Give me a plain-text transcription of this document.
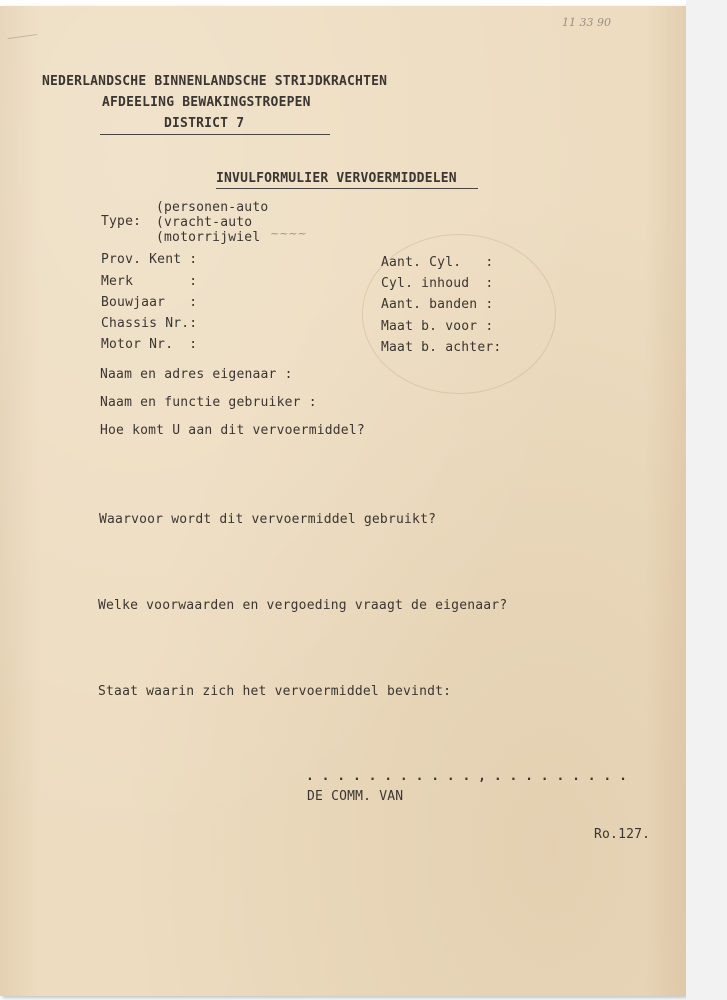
NEDERLANDSCHE BINNENLANDSCHE STRIJDKRACHTEN
AFDEELING BEWAKINGSTROEPEN
DISTRICT 7
11 33 90
INVULFORMULIER VERVOERMIDDELEN
Type:
(personen-auto
(vracht-auto
(motorrijwiel ~~~~
Prov. Kent :
Merk       :
Bouwjaar   :
Chassis Nr.:
Motor Nr.  :
Aant. Cyl.   :
Cyl. inhoud  :
Aant. banden :
Maat b. voor :
Maat b. achter:
Naam en adres eigenaar :
Naam en functie gebruiker :
Hoe komt U aan dit vervoermiddel?
Waarvoor wordt dit vervoermiddel gebruikt?
Welke voorwaarden en vergoeding vraagt de eigenaar?
Staat waarin zich het vervoermiddel bevindt:
. . . . . . . . . . . , . . . . . . . . .
DE COMM. VAN
Ro.127.
